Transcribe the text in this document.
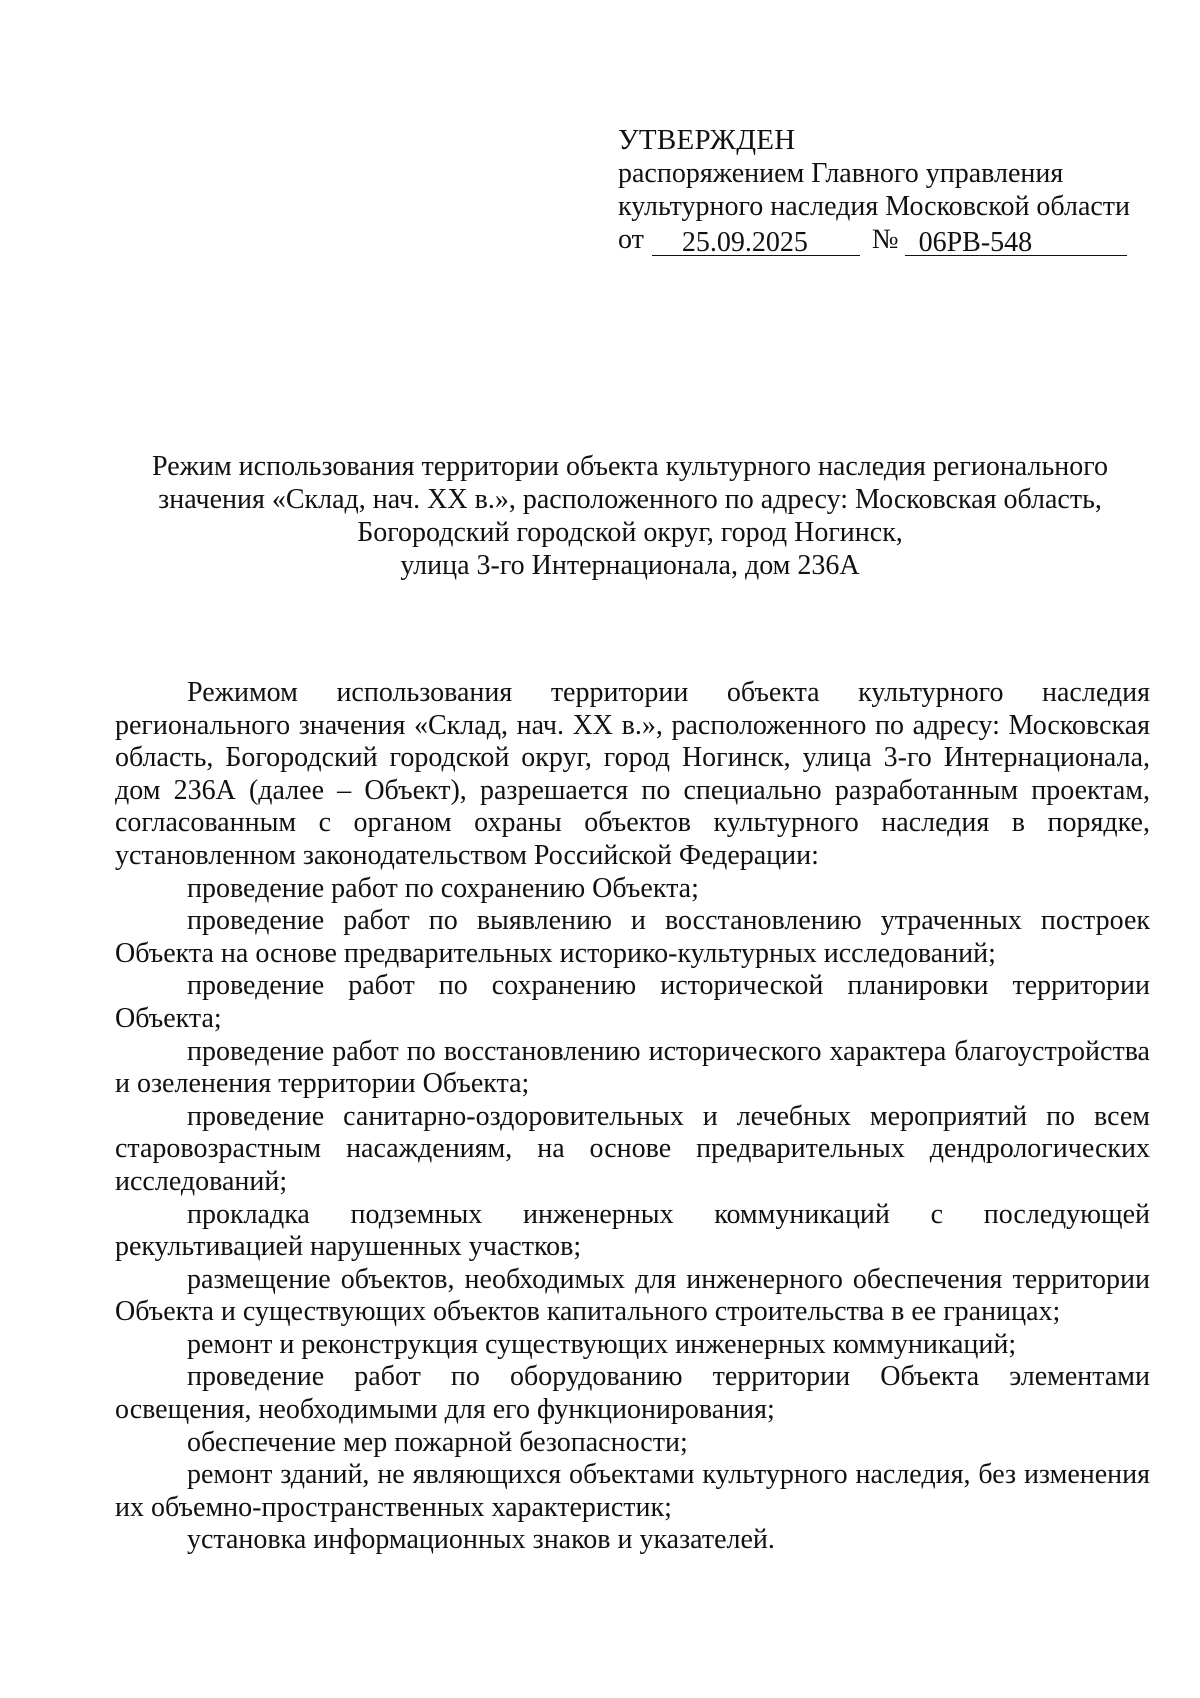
УТВЕРЖДЕН
распоряжением Главного управления
культурного наследия Московской области
от	25.09.2025	№ 06РВ-548
Режим использования территории объекта культурного наследия регионального
значения «Склад, нач. XX в.», расположенного по адресу: Московская область,
Богородский городской округ, город Ногинск,
улица 3-го Интернационала, дом 236А

Режимом использования территории объекта культурного наследия регионального значения «Склад, нач. XX в.», расположенного по адресу: Московская область, Богородский городской округ, город Ногинск, улица 3-го Интернационала, дом 236А (далее – Объект), разрешается по специально разработанным проектам, согласованным с органом охраны объектов культурного наследия в порядке, установленном законодательством Российской Федерации:

проведение работ по сохранению Объекта;

проведение работ по выявлению и восстановлению утраченных построек Объекта на основе предварительных историко-культурных исследований;

проведение работ по сохранению исторической планировки территории Объекта;

проведение работ по восстановлению исторического характера благоустройства и озеленения территории Объекта;

проведение санитарно-оздоровительных и лечебных мероприятий по всем старовозрастным насаждениям, на основе предварительных дендрологических исследований;

прокладка подземных инженерных коммуникаций с последующей рекультивацией нарушенных участков;

размещение объектов, необходимых для инженерного обеспечения территории Объекта и существующих объектов капитального строительства в ее границах;

ремонт и реконструкция существующих инженерных коммуникаций;

проведение работ по оборудованию территории Объекта элементами освещения, необходимыми для его функционирования;

обеспечение мер пожарной безопасности;

ремонт зданий, не являющихся объектами культурного наследия, без изменения их объемно-пространственных характеристик;

установка информационных знаков и указателей.
